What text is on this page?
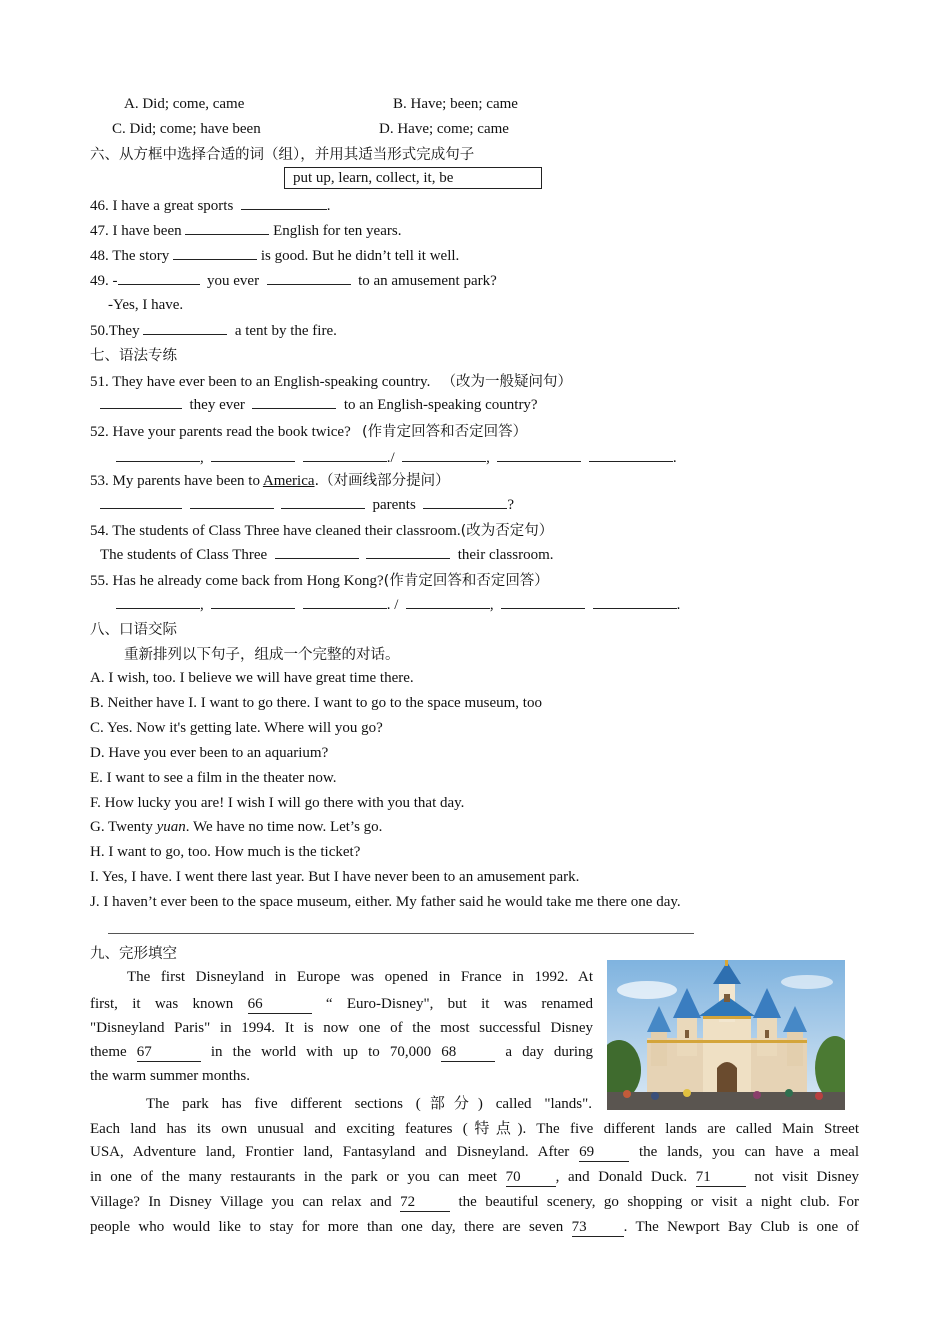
A. Did; come, came	B. Have; been; came
C. Did; come; have been	D. Have; come; came
六、从方框中选择合适的词（组），并用其适当形式完成句子
put up, learn, collect, it, be
46. I have a great sports	.
47. I have been	English for ten years.
48. The story	is good. But he didn’t tell it well.
49. -	you ever	to an amusement park?
-Yes, I have.
50.They	a tent by the fire.
七、语法专练
51. They have ever been to an English-speaking country. （改为一般疑问句）
they ever	to an English-speaking country?
52. Have your parents read the book twice? (作肯定回答和否定回答）
,	./	,	.
53. My parents have been to America.（对画线部分提问）
parents	?
54. The students of Class Three have cleaned their classroom.(改为否定句）
The students of Class Three	their classroom.
55. Has he already come back from Hong Kong?(作肯定回答和否定回答）
,	. /	,	.
八、口语交际
重新排列以下句子，组成一个完整的对话。
A. I wish, too. I believe we will have great time there.
B. Neither have I. I want to go there. I want to go to the space museum, too
C. Yes. Now it's getting late. Where will you go?
D. Have you ever been to an aquarium?
E. I want to see a film in the theater now.
F. How lucky you are! I wish I will go there with you that day.
G. Twenty yuan. We have no time now. Let’s go.
H. I want to go, too. How much is the ticket?
I. Yes, I have. I went there last year. But I have never been to an amusement park.
J. I haven’t ever been to the space museum, either. My father said he would take me there one day.
九、完形填空
The first Disneyland in Europe was opened in France in 1992. At
first, it was known 66	“ Euro-Disney", but it was renamed
"Disneyland Paris" in 1994. It is now one of the most successful Disney
theme 67	in the world with up to 70,000 68	a day during
the warm summer months.
The park has five different sections (部分) called "lands".
Each land has its own unusual and exciting features (特点). The five different lands are called Main Street
USA, Adventure land, Frontier land, Fantasyland and Disneyland. After 69	the lands, you can have a meal
in one of the many restaurants in the park or you can meet 70 , and Donald Duck. 71	not visit Disney
Village? In Disney Village you can relax and 72	the beautiful scenery, go shopping or visit a night club. For
people who would like to stay for more than one day, there are seven 73 . The Newport Bay Club is one of
